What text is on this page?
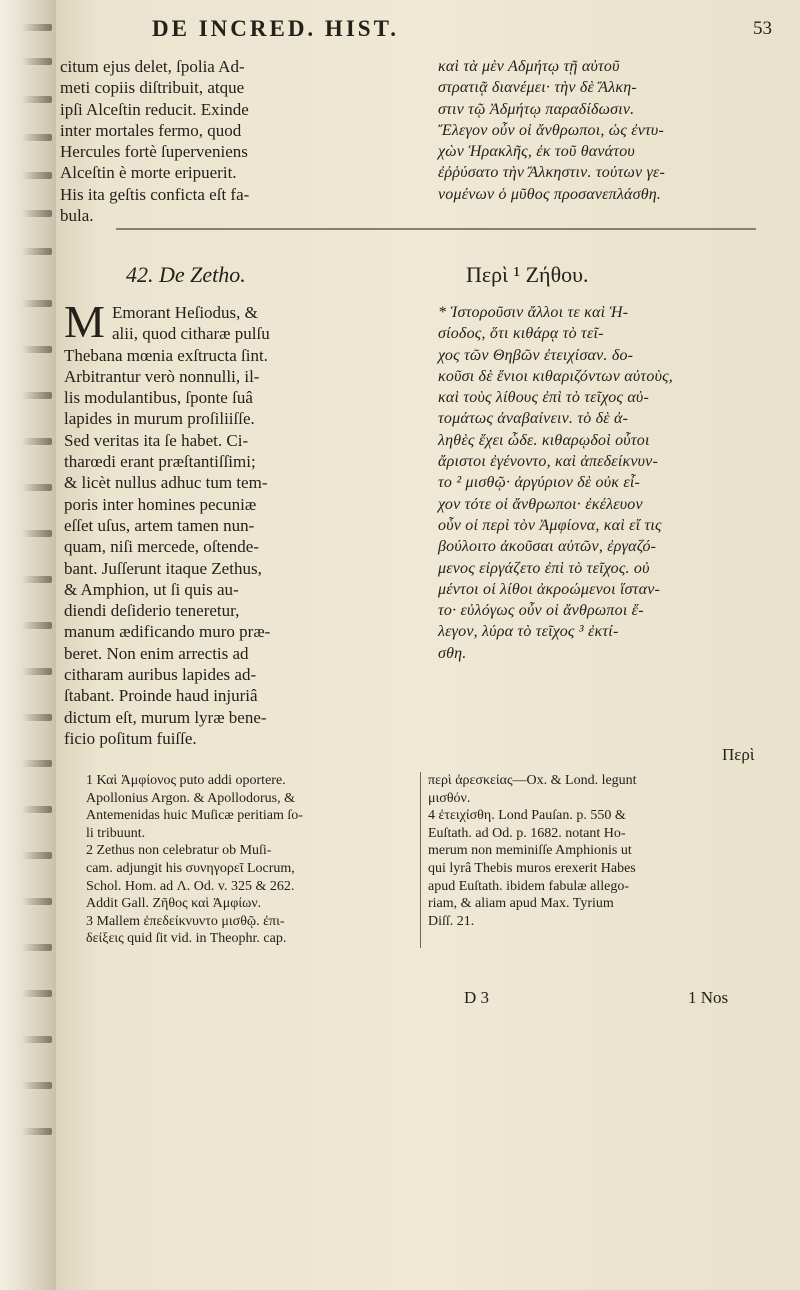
DE INCRED. HIST.	53
citum ejus delet, ſpolia Ad-
meti copiis diſtribuit, atque
ipſi Alceſtin reducit. Exinde
inter mortales fermo, quod
Hercules fortè ſuperveniens
Alceſtin è morte eripuerit.
His ita geſtis conficta eſt fa-
bula.
καὶ τὰ μὲν Αδμήτῳ τῇ αὐτοῦ
στρατιᾷ διανέμει· τὴν δὲ Ἄλκη-
στιν τῷ Ἀδμήτῳ παραδίδωσιν.
Ἔλεγον οὖν οἱ ἄνθρωποι, ὡς ἐντυ-
χὼν Ἡρακλῆς, ἐκ τοῦ θανάτου
ἐῤῥύσατο τὴν Ἄλκηστιν. τούτων γε-
νομένων ὁ μῦθος προσανεπλάσθη.
42. De Zetho.	Περὶ ¹ Ζήθου.
M Emorant Heſiodus, &
alii, quod citharæ pulſu
Thebana mœnia exſtructa ſint.
Arbitrantur verò nonnulli, il-
lis modulantibus, ſponte ſuâ
lapides in murum proſiliiſſe.
Sed veritas ita ſe habet. Ci-
tharœdi erant præſtantiſſimi;
& licèt nullus adhuc tum tem-
poris inter homines pecuniæ
eſſet uſus, artem tamen nun-
quam, niſi mercede, oſtende-
bant. Juſſerunt itaque Zethus,
& Amphion, ut ſi quis au-
diendi deſiderio teneretur,
manum ædificando muro præ-
beret. Non enim arrectis ad
citharam auribus lapides ad-
ſtabant. Proinde haud injuriâ
dictum eſt, murum lyræ bene-
ficio poſitum fuiſſe.
* Ἱστοροῦσιν ἄλλοι τε καὶ Ἡ-
σίοδος, ὅτι κιθάρᾳ τὸ τεῖ-
χος τῶν Θηβῶν ἐτειχίσαν. δο-
κοῦσι δὲ ἔνιοι κιθαριζόντων αὐτοὺς,
καὶ τοὺς λίθους ἐπὶ τὸ τεῖχος αὐ-
τομάτως ἀναβαίνειν. τὸ δὲ ἀ-
ληθὲς ἔχει ὧδε. κιθαρῳδοὶ οὗτοι
ἄριστοι ἐγένοντο, καὶ ἀπεδείκνυν-
το ² μισθῷ· ἀργύριον δὲ οὐκ εἶ-
χον τότε οἱ ἄνθρωποι· ἐκέλευον
οὖν οἱ περὶ τὸν Ἀμφίονα, καὶ εἴ τις
βούλοιτο ἀκοῦσαι αὐτῶν, ἐργαζό-
μενος εἰργάζετο ἐπὶ τὸ τεῖχος. οὐ
μέντοι οἱ λίθοι ἀκροώμενοι ἵσταν-
το· εὐλόγως οὖν οἱ ἄνθρωποι ἔ-
λεγον, λύρα τὸ τεῖχος ³ ἐκτί-
σθη.
Περὶ
1 Καὶ Ἀμφίονος puto addi oportere.
Apollonius Argon. & Apollodorus, &
Antemenidas huic Muſicæ peritiam ſo-
li tribuunt.
2 Zethus non celebratur ob Muſi-
cam. adjungit his συνηγορεῖ Locrum,
Schol. Hom. ad Λ. Od. v. 325 & 262.
Addit Gall. Ζῆθος καὶ Ἀμφίων.
3 Mallem ἐπεδείκνυντο μισθῷ. ἐπι-
δείξεις quid ſit vid. in Theophr. cap.
περὶ ἀρεσκείας—Ox. & Lond. legunt
μισθόν.
4 ἐτειχίσθη. Lond Pauſan. p. 550 &
Euſtath. ad Od. p. 1682. notant Ho-
merum non meminiſſe Amphionis ut
qui lyrâ Thebis muros erexerit Habes
apud Euſtath. ibidem fabulæ allego-
riam, & aliam apud Max. Tyrium
Diſſ. 21.
D 3	1 Nos
